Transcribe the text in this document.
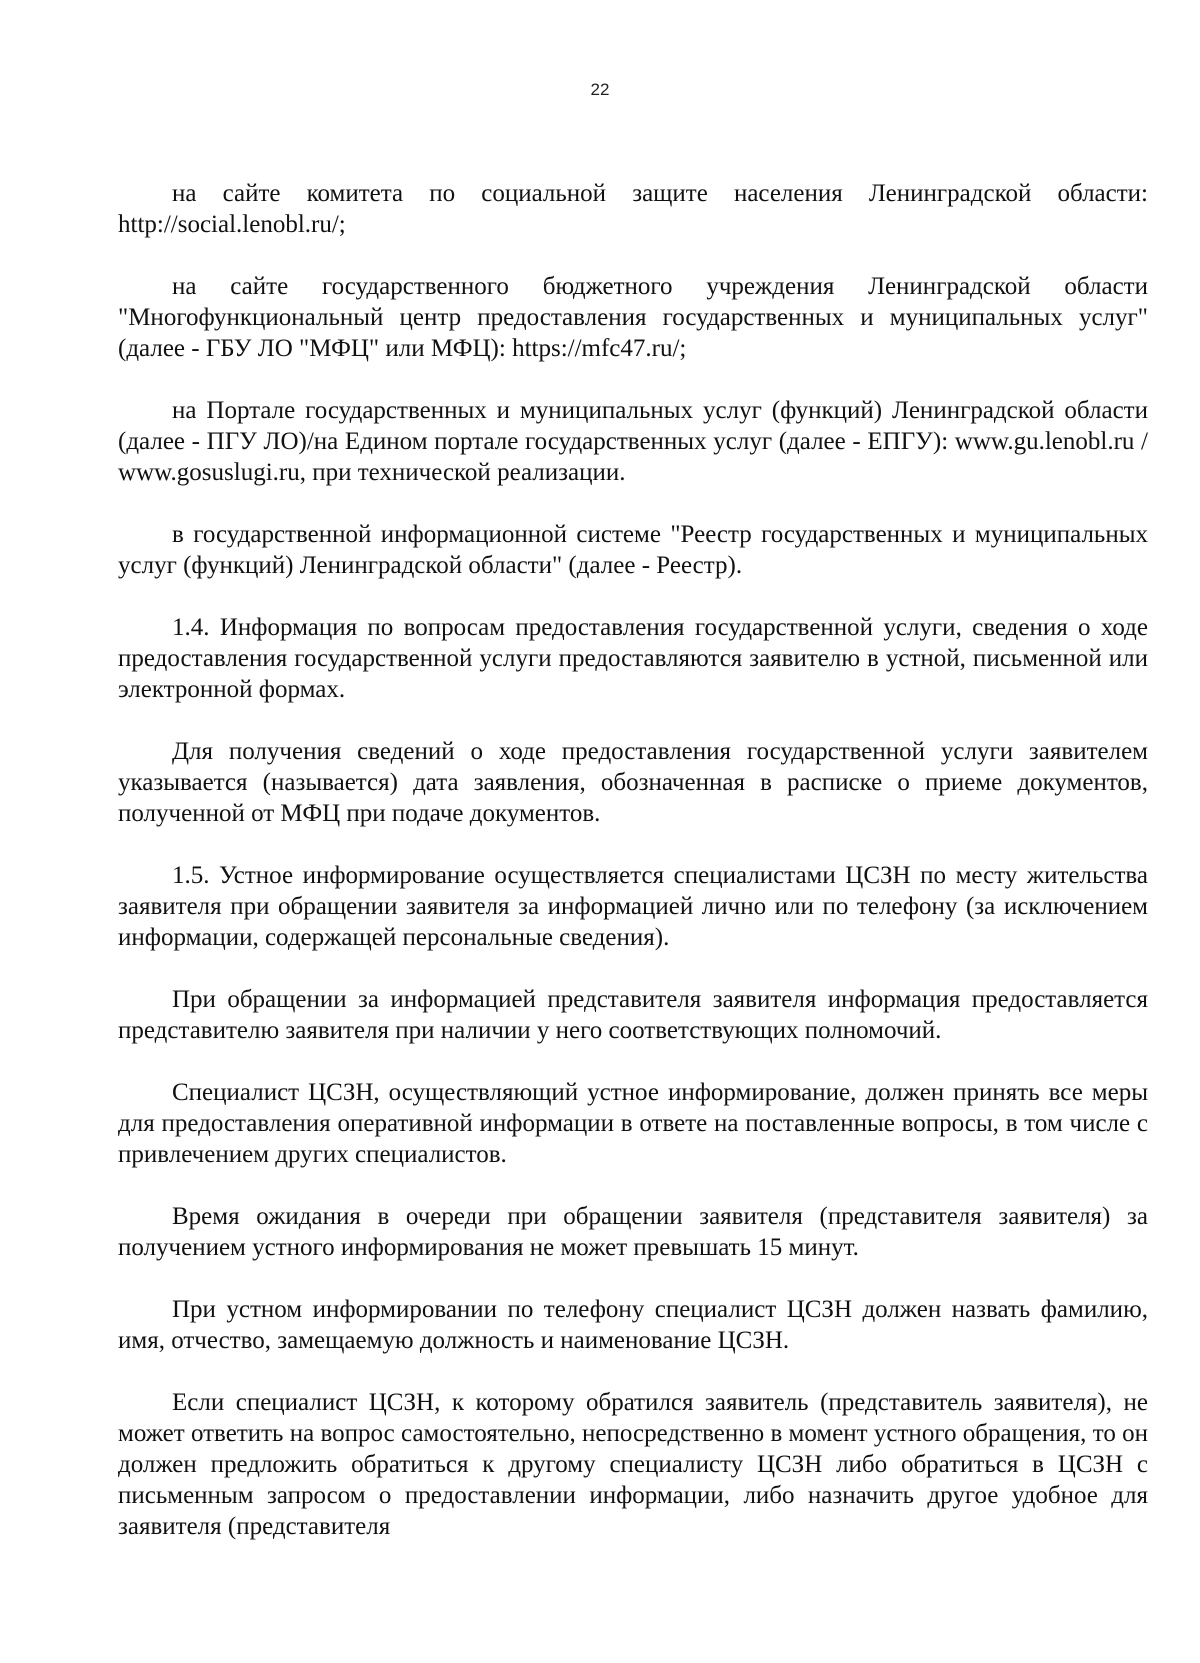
22

на сайте комитета по социальной защите населения Ленинградской области: http://social.lenobl.ru/;

на сайте государственного бюджетного учреждения Ленинградской области "Многофункциональный центр предоставления государственных и муниципальных услуг" (далее - ГБУ ЛО "МФЦ" или МФЦ): https://mfc47.ru/;

на Портале государственных и муниципальных услуг (функций) Ленинградской области (далее - ПГУ ЛО)/на Едином портале государственных услуг (далее - ЕПГУ): www.gu.lenobl.ru / www.gosuslugi.ru, при технической реализации.

в государственной информационной системе "Реестр государственных и муниципальных услуг (функций) Ленинградской области" (далее - Реестр).

1.4. Информация по вопросам предоставления государственной услуги, сведения о ходе предоставления государственной услуги предоставляются заявителю в устной, письменной или электронной формах.

Для получения сведений о ходе предоставления государственной услуги заявителем указывается (называется) дата заявления, обозначенная в расписке о приеме документов, полученной от МФЦ при подаче документов.

1.5. Устное информирование осуществляется специалистами ЦСЗН по месту жительства заявителя при обращении заявителя за информацией лично или по телефону (за исключением информации, содержащей персональные сведения).

При обращении за информацией представителя заявителя информация предоставляется представителю заявителя при наличии у него соответствующих полномочий.

Специалист ЦСЗН, осуществляющий устное информирование, должен принять все меры для предоставления оперативной информации в ответе на поставленные вопросы, в том числе с привлечением других специалистов.

Время ожидания в очереди при обращении заявителя (представителя заявителя) за получением устного информирования не может превышать 15 минут.

При устном информировании по телефону специалист ЦСЗН должен назвать фамилию, имя, отчество, замещаемую должность и наименование ЦСЗН.

Если специалист ЦСЗН, к которому обратился заявитель (представитель заявителя), не может ответить на вопрос самостоятельно, непосредственно в момент устного обращения, то он должен предложить обратиться к другому специалисту ЦСЗН либо обратиться в ЦСЗН с письменным запросом о предоставлении информации, либо назначить другое удобное для заявителя (представителя
